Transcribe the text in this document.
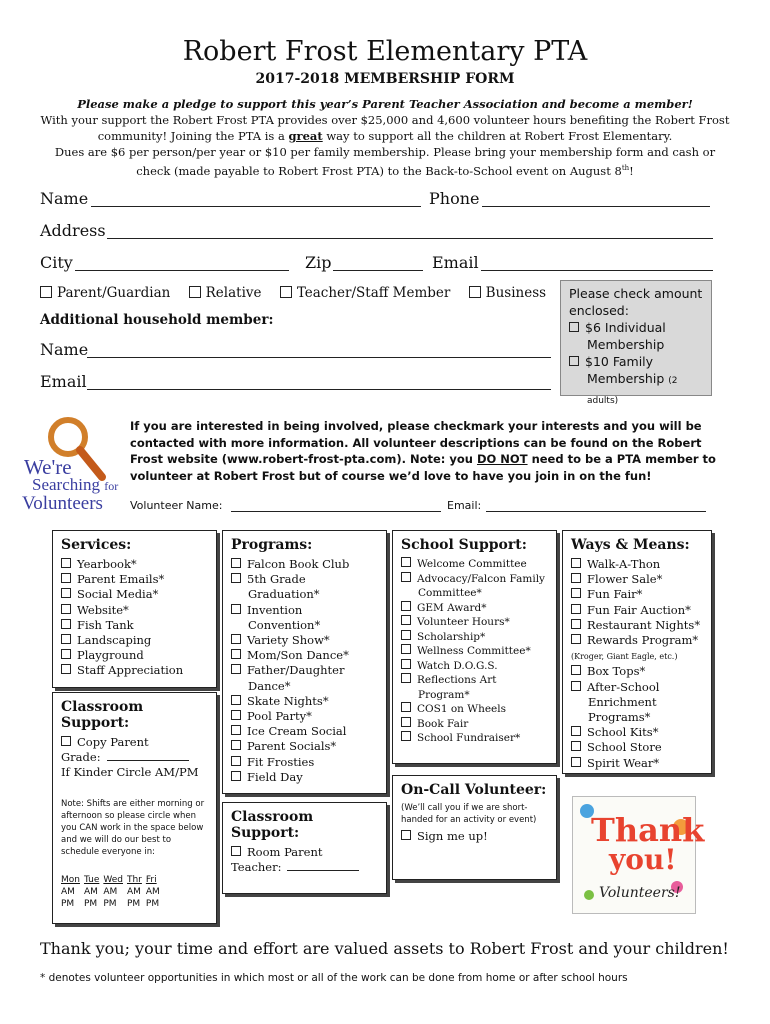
Robert Frost Elementary PTA
2017-2018 MEMBERSHIP FORM
Please make a pledge to support this year’s Parent Teacher Association and become a member!
With your support the Robert Frost PTA provides over $25,000 and 4,600 volunteer hours benefiting the Robert Frost community! Joining the PTA is a great way to support all the children at Robert Frost Elementary.
Dues are $6 per person/per year or $10 per family membership. Please bring your membership form and cash or check (made payable to Robert Frost PTA) to the Back-to-School event on August 8th!
Name	Phone
Address
City	Zip	Email
Parent/Guardian	Relative	Teacher/Staff Member	Business	Please check amount enclosed:
$6 Individual Membership
$10 Family Membership (2 adults)
Additional household member:
Name
Email
We're
Searching for
Volunteers
If you are interested in being involved, please checkmark your interests and you will be contacted with more information. All volunteer descriptions can be found on the Robert Frost website (www.robert-frost-pta.com). Note: you DO NOT need to be a PTA member to volunteer at Robert Frost but of course we’d love to have you join in on the fun!
Volunteer Name:	Email:
Services:
Yearbook*
Parent Emails*
Social Media*
Website*
Fish Tank
Landscaping
Playground
Staff Appreciation
Classroom Support:
Copy Parent
Grade:
If Kinder Circle AM/PM
Note: Shifts are either morning or afternoon so please circle when you CAN work in the space below and we will do our best to schedule everyone in:
Mon	Tue	Wed	Thr	Fri
AM	AM	AM	AM	AM
PM	PM	PM	PM	PM
Programs:
Falcon Book Club
5th Grade Graduation*
Invention Convention*
Variety Show*
Mom/Son Dance*
Father/Daughter Dance*
Skate Nights*
Pool Party*
Ice Cream Social
Parent Socials*
Fit Frosties
Field Day
Classroom Support:
Room Parent
Teacher:
School Support:
Welcome Committee
Advocacy/Falcon Family Committee*
GEM Award*
Volunteer Hours*
Scholarship*
Wellness Committee*
Watch D.O.G.S.
Reflections Art Program*
COS1 on Wheels
Book Fair
School Fundraiser*
On-Call Volunteer:
(We’ll call you if we are short-handed for an activity or event)
Sign me up!
Ways & Means:
Walk-A-Thon
Flower Sale*
Fun Fair*
Fun Fair Auction*
Restaurant Nights*
Rewards Program*
(Kroger, Giant Eagle, etc.)
Box Tops*
After-School Enrichment Programs*
School Kits*
School Store
Spirit Wear*
Thank
you!
Volunteers!
Thank you; your time and effort are valued assets to Robert Frost and your children!
* denotes volunteer opportunities in which most or all of the work can be done from home or after school hours
